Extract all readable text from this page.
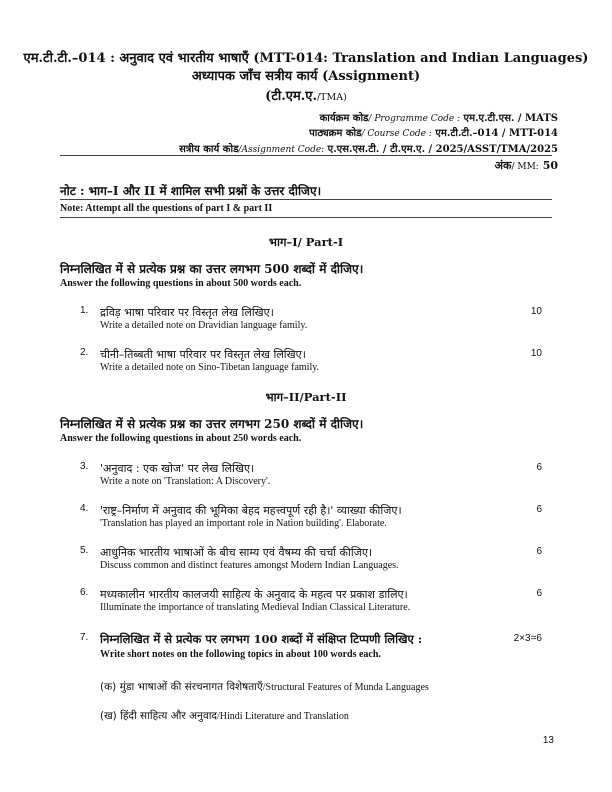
एम.टी.टी.–014 : अनुवाद एवं भारतीय भाषाएँ (MTT-014: Translation and Indian Languages)
अध्यापक जाँच सत्रीय कार्य (Assignment)
(टी.एम.ए./TMA)
कार्यक्रम कोड/ Programme Code : एम.ए.टी.एस. / MATS
पाठ्यक्रम कोड/ Course Code : एम.टी.टी.–014 / MTT-014
सत्रीय कार्य कोड/Assignment Code: ए.एस.एस.टी. / टी.एम.ए. / 2025/ASST/TMA/2025
अंक/ MM: 50
नोट : भाग–I और II में शामिल सभी प्रश्नों के उत्तर दीजिए।
Note: Attempt all the questions of part I & part II
भाग–I/ Part-I
निम्नलिखित में से प्रत्येक प्रश्न का उत्तर लगभग 500 शब्दों में दीजिए।
Answer the following questions in about 500 words each.
1. द्रविड़ भाषा परिवार पर विस्तृत लेख लिखिए।
Write a detailed note on Dravidian language family.
10
2. चीनी–तिब्बती भाषा परिवार पर विस्तृत लेख लिखिए।
Write a detailed note on Sino-Tibetan language family.
10
भाग–II/Part-II
निम्नलिखित में से प्रत्येक प्रश्न का उत्तर लगभग 250 शब्दों में दीजिए।
Answer the following questions in about 250 words each.
3. 'अनुवाद : एक खोज' पर लेख लिखिए।
Write a note on 'Translation: A Discovery'.
6
4. 'राष्ट्र–निर्माण में अनुवाद की भूमिका बेहद महत्त्वपूर्ण रही है।' व्याख्या कीजिए।
'Translation has played an important role in Nation building'. Elaborate.
6
5. आधुनिक भारतीय भाषाओं के बीच साम्य एवं वैषम्य की चर्चा कीजिए।
Discuss common and distinct features amongst Modern Indian Languages.
6
6. मध्यकालीन भारतीय कालजयी साहित्य के अनुवाद के महत्व पर प्रकाश डालिए।
Illuminate the importance of translating Medieval Indian Classical Literature.
6
7. निम्नलिखित में से प्रत्येक पर लगभग 100 शब्दों में संक्षिप्त टिप्पणी लिखिए :
Write short notes on the following topics in about 100 words each.
2×3=6
(क) मुंडा भाषाओं की संरचनागत विशेषताएँ/Structural Features of Munda Languages
(ख) हिंदी साहित्य और अनुवाद/Hindi Literature and Translation
13
